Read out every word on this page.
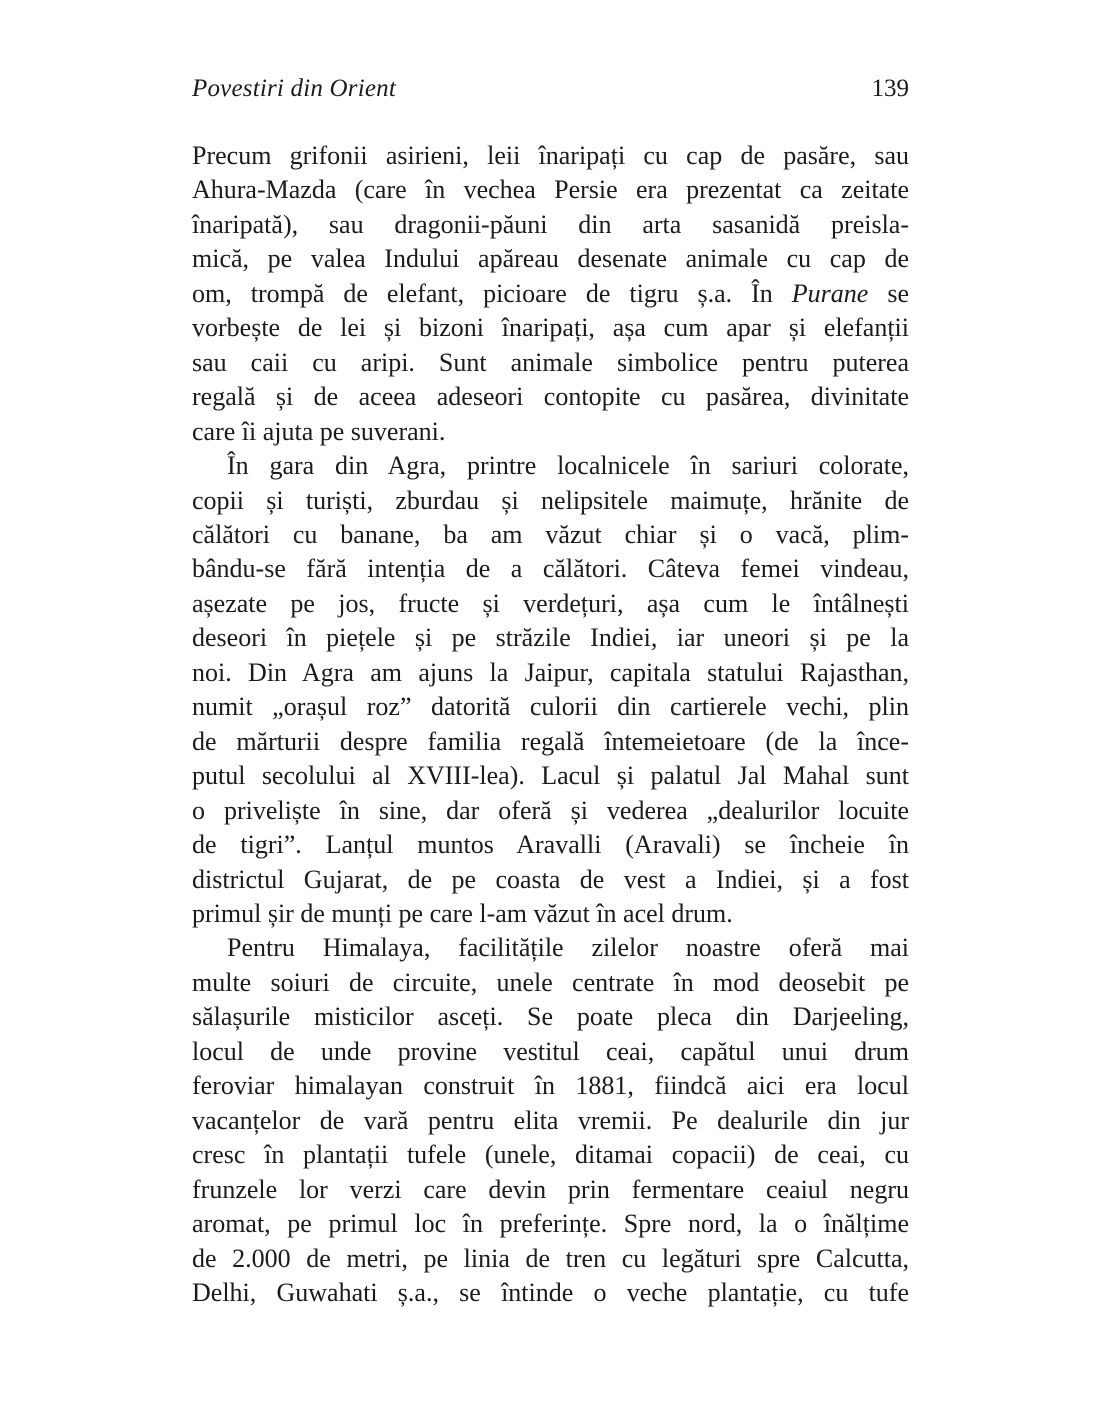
Povestiri din Orient	139
Precum grifonii asirieni, leii înaripați cu cap de pasăre, sau
Ahura-Mazda (care în vechea Persie era prezentat ca zeitate
înaripată), sau dragonii-păuni din arta sasanidă preisla-
mică, pe valea Indului apăreau desenate animale cu cap de
om, trompă de elefant, picioare de tigru ș.a. În Purane se
vorbește de lei și bizoni înaripați, așa cum apar și elefanții
sau caii cu aripi. Sunt animale simbolice pentru puterea
regală și de aceea adeseori contopite cu pasărea, divinitate
care îi ajuta pe suverani.
În gara din Agra, printre localnicele în sariuri colorate,
copii și turiști, zburdau și nelipsitele maimuțe, hrănite de
călători cu banane, ba am văzut chiar și o vacă, plim-
bându-se fără intenția de a călători. Câteva femei vindeau,
așezate pe jos, fructe și verdețuri, așa cum le întâlnești
deseori în piețele și pe străzile Indiei, iar uneori și pe la
noi. Din Agra am ajuns la Jaipur, capitala statului Rajasthan,
numit „orașul roz” datorită culorii din cartierele vechi, plin
de mărturii despre familia regală întemeietoare (de la înce-
putul secolului al XVIII-lea). Lacul și palatul Jal Mahal sunt
o priveliște în sine, dar oferă și vederea „dealurilor locuite
de tigri”. Lanțul muntos Aravalli (Aravali) se încheie în
districtul Gujarat, de pe coasta de vest a Indiei, și a fost
primul șir de munți pe care l-am văzut în acel drum.
Pentru Himalaya, facilitățile zilelor noastre oferă mai
multe soiuri de circuite, unele centrate în mod deosebit pe
sălașurile misticilor asceți. Se poate pleca din Darjeeling,
locul de unde provine vestitul ceai, capătul unui drum
feroviar himalayan construit în 1881, fiindcă aici era locul
vacanțelor de vară pentru elita vremii. Pe dealurile din jur
cresc în plantații tufele (unele, ditamai copacii) de ceai, cu
frunzele lor verzi care devin prin fermentare ceaiul negru
aromat, pe primul loc în preferințe. Spre nord, la o înălțime
de 2.000 de metri, pe linia de tren cu legături spre Calcutta,
Delhi, Guwahati ș.a., se întinde o veche plantație, cu tufe
